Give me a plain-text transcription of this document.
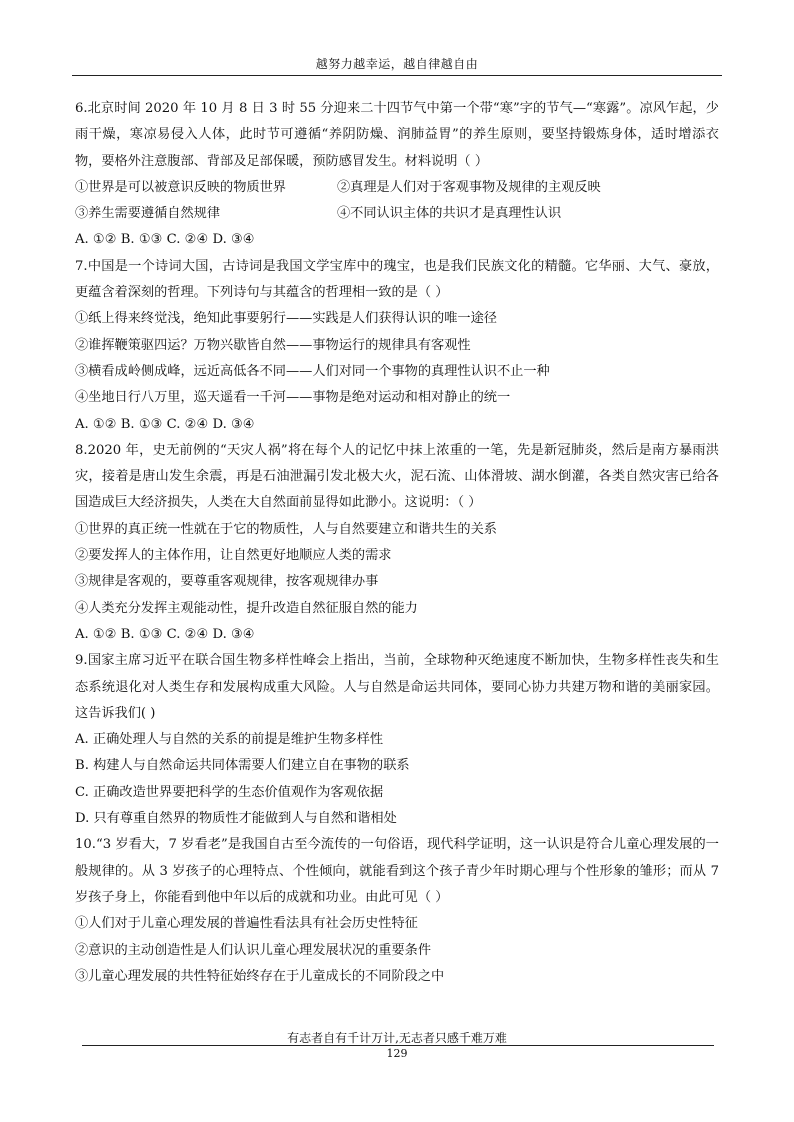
越努力越幸运，越自律越自由
6.北京时间 2020 年 10 月 8 日 3 时 55 分迎来二十四节气中第一个带“寒”字的节气—“寒露”。凉风乍起，少雨干燥，寒凉易侵入人体，此时节可遵循“养阴防燥、润肺益胃”的养生原则，要坚持锻炼身体，适时增添衣物，要格外注意腹部、背部及足部保暖，预防感冒发生。材料说明（ ）
①世界是可以被意识反映的物质世界	②真理是人们对于客观事物及规律的主观反映
③养生需要遵循自然规律	④不同认识主体的共识才是真理性认识
A. ①② B. ①③ C. ②④ D. ③④
7.中国是一个诗词大国，古诗词是我国文学宝库中的瑰宝，也是我们民族文化的精髓。它华丽、大气、豪放，更蕴含着深刻的哲理。下列诗句与其蕴含的哲理相一致的是（ ）
①纸上得来终觉浅，绝知此事要躬行——实践是人们获得认识的唯一途径
②谁挥鞭策驱四运？万物兴歇皆自然——事物运行的规律具有客观性
③横看成岭侧成峰，远近高低各不同——人们对同一个事物的真理性认识不止一种
④坐地日行八万里，巡天遥看一千河——事物是绝对运动和相对静止的统一
A. ①② B. ①③ C. ②④ D. ③④
8.2020 年，史无前例的“天灾人祸”将在每个人的记忆中抹上浓重的一笔，先是新冠肺炎，然后是南方暴雨洪灾，接着是唐山发生余震，再是石油泄漏引发北极大火，泥石流、山体滑坡、湖水倒灌，各类自然灾害已给各国造成巨大经济损失，人类在大自然面前显得如此渺小。这说明：（ ）
①世界的真正统一性就在于它的物质性，人与自然要建立和谐共生的关系
②要发挥人的主体作用，让自然更好地顺应人类的需求
③规律是客观的，要尊重客观规律，按客观规律办事
④人类充分发挥主观能动性，提升改造自然征服自然的能力
A. ①② B. ①③ C. ②④ D. ③④
9.国家主席习近平在联合国生物多样性峰会上指出，当前，全球物种灭绝速度不断加快，生物多样性丧失和生态系统退化对人类生存和发展构成重大风险。人与自然是命运共同体，要同心协力共建万物和谐的美丽家园。这告诉我们( )
A. 正确处理人与自然的关系的前提是维护生物多样性
B. 构建人与自然命运共同体需要人们建立自在事物的联系
C. 正确改造世界要把科学的生态价值观作为客观依据
D. 只有尊重自然界的物质性才能做到人与自然和谐相处
10.“3 岁看大，7 岁看老”是我国自古至今流传的一句俗语，现代科学证明，这一认识是符合儿童心理发展的一般规律的。从 3 岁孩子的心理特点、个性倾向，就能看到这个孩子青少年时期心理与个性形象的雏形；而从 7 岁孩子身上，你能看到他中年以后的成就和功业。由此可见（ ）
①人们对于儿童心理发展的普遍性看法具有社会历史性特征
②意识的主动创造性是人们认识儿童心理发展状况的重要条件
③儿童心理发展的共性特征始终存在于儿童成长的不同阶段之中
有志者自有千计万计,无志者只感千难万难
129
